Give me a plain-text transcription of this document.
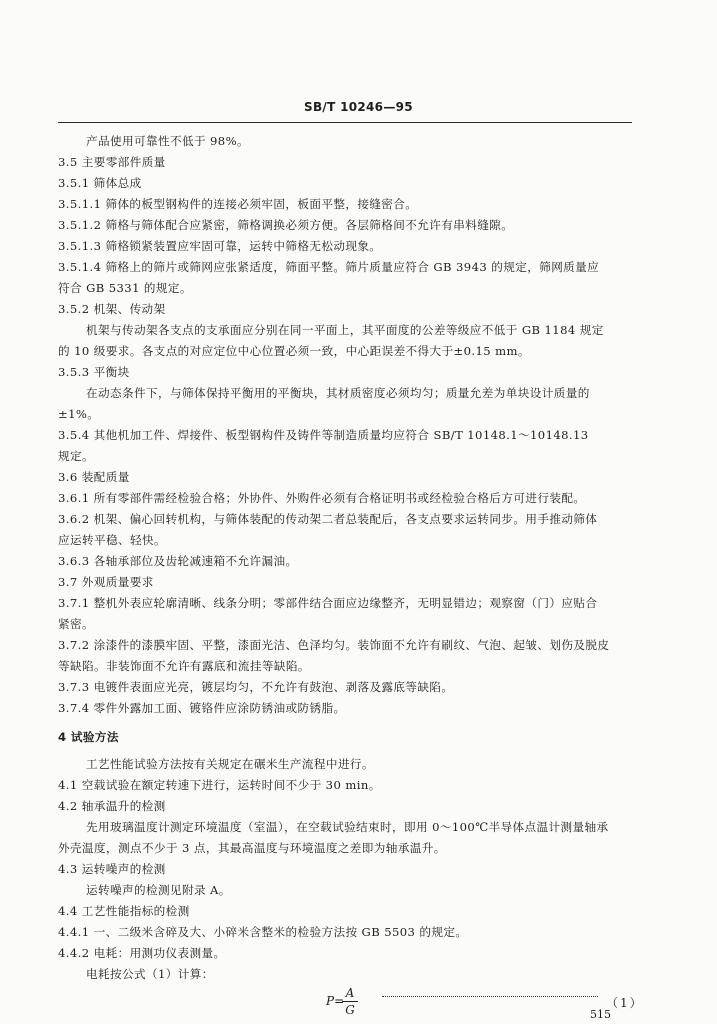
SB/T 10246—95
产品使用可靠性不低于 98%。
3.5 主要零部件质量
3.5.1 筛体总成
3.5.1.1 筛体的板型钢构件的连接必须牢固，板面平整，接缝密合。
3.5.1.2 筛格与筛体配合应紧密，筛格调换必须方便。各层筛格间不允许有串料缝隙。
3.5.1.3 筛格锁紧装置应牢固可靠，运转中筛格无松动现象。
3.5.1.4 筛格上的筛片或筛网应张紧适度，筛面平整。筛片质量应符合 GB 3943 的规定，筛网质量应
符合 GB 5331 的规定。
3.5.2 机架、传动架
机架与传动架各支点的支承面应分别在同一平面上，其平面度的公差等级应不低于 GB 1184 规定
的 10 级要求。各支点的对应定位中心位置必须一致，中心距误差不得大于±0.15 mm。
3.5.3 平衡块
在动态条件下，与筛体保持平衡用的平衡块，其材质密度必须均匀；质量允差为单块设计质量的
±1%。
3.5.4 其他机加工件、焊接件、板型钢构件及铸件等制造质量均应符合 SB/T 10148.1～10148.13
规定。
3.6 装配质量
3.6.1 所有零部件需经检验合格；外协件、外购件必须有合格证明书或经检验合格后方可进行装配。
3.6.2 机架、偏心回转机构，与筛体装配的传动架二者总装配后，各支点要求运转同步。用手推动筛体
应运转平稳、轻快。
3.6.3 各轴承部位及齿轮减速箱不允许漏油。
3.7 外观质量要求
3.7.1 整机外表应轮廓清晰、线条分明；零部件结合面应边缘整齐，无明显错边；观察窗（门）应贴合
紧密。
3.7.2 涂漆件的漆膜牢固、平整，漆面光洁、色泽均匀。装饰面不允许有刷纹、气泡、起皱、划伤及脱皮
等缺陷。非装饰面不允许有露底和流挂等缺陷。
3.7.3 电镀件表面应光亮，镀层均匀，不允许有鼓泡、剥落及露底等缺陷。
3.7.4 零件外露加工面、镀铬件应涂防锈油或防锈脂。
4 试验方法
工艺性能试验方法按有关规定在碾米生产流程中进行。
4.1 空载试验在额定转速下进行，运转时间不少于 30 min。
4.2 轴承温升的检测
先用玻璃温度计测定环境温度（室温），在空载试验结束时，即用 0～100℃半导体点温计测量轴承
外壳温度，测点不少于 3 点，其最高温度与环境温度之差即为轴承温升。
4.3 运转噪声的检测
运转噪声的检测见附录 A。
4.4 工艺性能指标的检测
4.4.1 一、二级米含碎及大、小碎米含整米的检验方法按 GB 5503 的规定。
4.4.2 电耗：用测功仪表测量。
电耗按公式（1）计算：
P=
A
G	（1）
515
